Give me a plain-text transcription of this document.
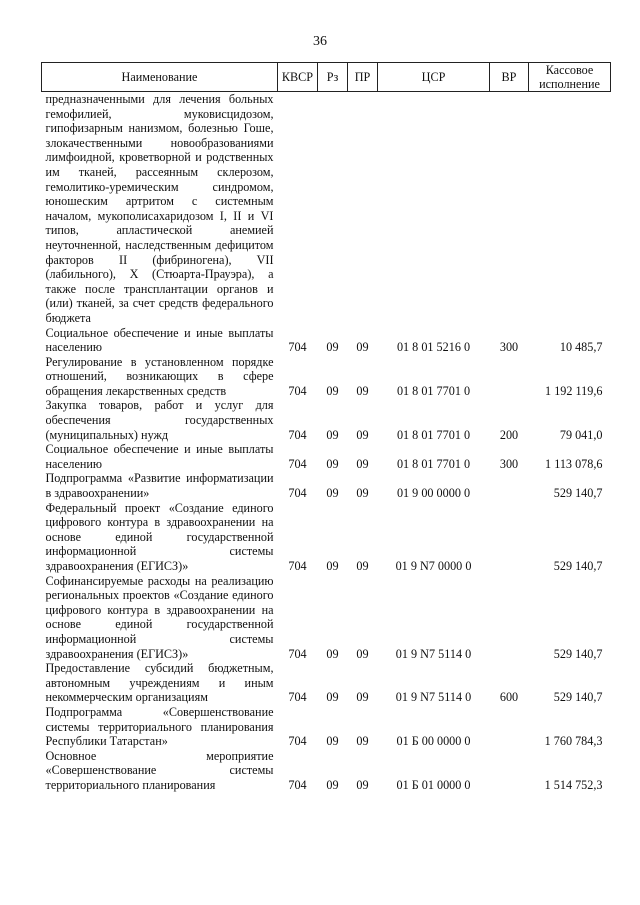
36
Наименование	КВСР	Рз	ПР	ЦСР	ВР	Кассовое исполнение
предназначенными для лечения больных гемофилией, муковисцидозом, гипофизарным нанизмом, болезнью Гоше, злокачественными новообразованиями лимфоидной, кроветворной и родственных им тканей, рассеянным склерозом, гемолитико-уремическим синдромом, юношеским артритом с системным началом, мукополисахаридозом I, II и VI типов, апластической анемией неуточненной, наследственным дефицитом факторов II (фибриногена), VII (лабильного), X (Стюарта-Прауэра), а также после трансплантации органов и (или) тканей, за счет средств федерального бюджета						
Социальное обеспечение и иные выплаты населению	704	09	09	01 8 01 5216 0	300	10 485,7
Регулирование в установленном порядке отношений, возникающих в сфере обращения лекарственных средств	704	09	09	01 8 01 7701 0		1 192 119,6
Закупка товаров, работ и услуг для обеспечения государственных (муниципальных) нужд	704	09	09	01 8 01 7701 0	200	79 041,0
Социальное обеспечение и иные выплаты населению	704	09	09	01 8 01 7701 0	300	1 113 078,6
Подпрограмма «Развитие информатизации в здравоохранении»	704	09	09	01 9 00 0000 0		529 140,7
Федеральный проект «Создание единого цифрового контура в здравоохранении на основе единой государственной информационной системы здравоохранения (ЕГИСЗ)»	704	09	09	01 9 N7 0000 0		529 140,7
Софинансируемые расходы на реализацию региональных проектов «Создание единого цифрового контура в здравоохранении на основе единой государственной информационной системы здравоохранения (ЕГИСЗ)»	704	09	09	01 9 N7 5114 0		529 140,7
Предоставление субсидий бюджетным, автономным учреждениям и иным некоммерческим организациям	704	09	09	01 9 N7 5114 0	600	529 140,7
Подпрограмма «Совершенствование системы территориального планирования Республики Татарстан»	704	09	09	01 Б 00 0000 0		1 760 784,3
Основное мероприятие «Совершенствование системы территориального планирования	704	09	09	01 Б 01 0000 0		1 514 752,3
